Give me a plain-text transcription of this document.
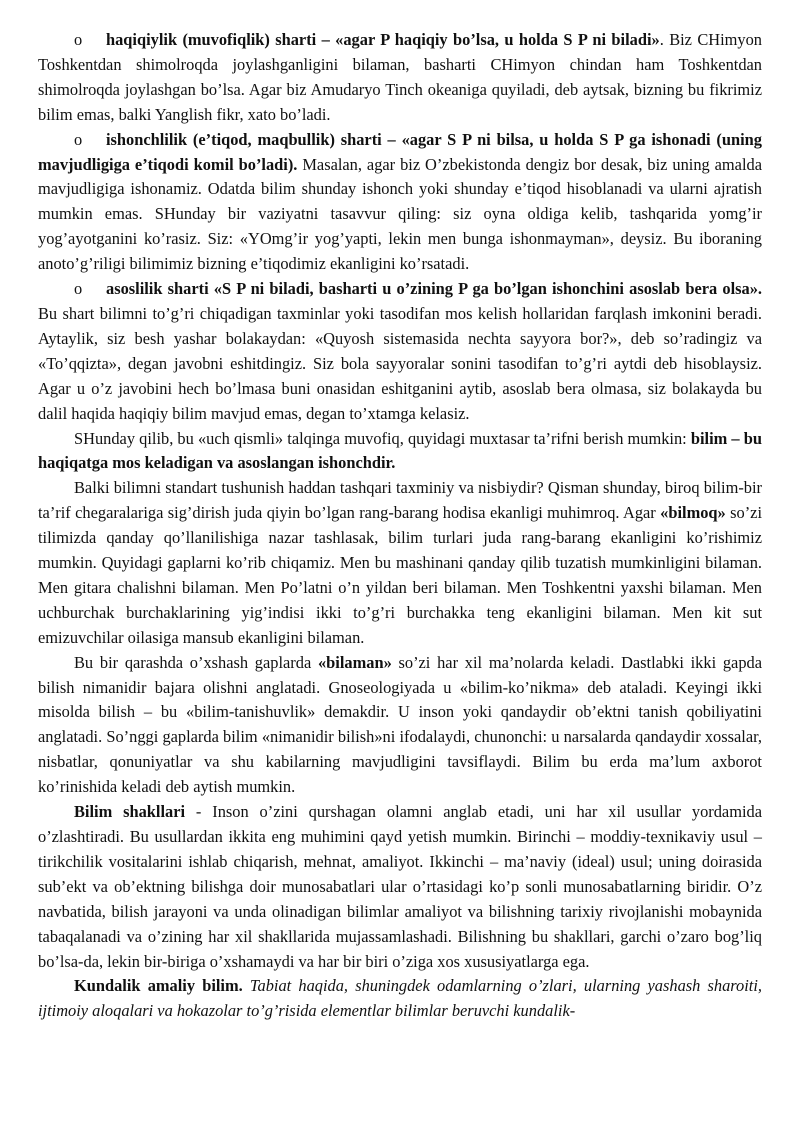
o haqiqiylik (muvofiqlik) sharti – «agar P haqiqiy bo’lsa, u holda S P ni biladi». Biz CHimyon Toshkentdan shimolroqda joylashganligini bilaman, basharti CHimyon chindan ham Toshkentdan shimolroqda joylashgan bo’lsa. Agar biz Amudaryo Tinch okeaniga quyiladi, deb aytsak, bizning bu fikrimiz bilim emas, balki Yanglish fikr, xato bo’ladi.

o ishonchlilik (e’tiqod, maqbullik) sharti – «agar S P ni bilsa, u holda S P ga ishonadi (uning mavjudligiga e’tiqodi komil bo’ladi). Masalan, agar biz O’zbekistonda dengiz bor desak, biz uning amalda mavjudligiga ishonamiz. Odatda bilim shunday ishonch yoki shunday e’tiqod hisoblanadi va ularni ajratish mumkin emas. SHunday bir vaziyatni tasavvur qiling: siz oyna oldiga kelib, tashqarida yomg’ir yog’ayotganini ko’rasiz. Siz: «YOmg’ir yog’yapti, lekin men bunga ishonmayman», deysiz. Bu iboraning anoto’g’riligi bilimimiz bizning e’tiqodimiz ekanligini ko’rsatadi.

o asoslilik sharti «S P ni biladi, basharti u o’zining P ga bo’lgan ishonchini asoslab bera olsa». Bu shart bilimni to’g’ri chiqadigan taxminlar yoki tasodifan mos kelish hollaridan farqlash imkonini beradi. Aytaylik, siz besh yashar bolakaydan: «Quyosh sistemasida nechta sayyora bor?», deb so’radingiz va «To’qqizta», degan javobni eshitdingiz. Siz bola sayyoralar sonini tasodifan to’g’ri aytdi deb hisoblaysiz. Agar u o’z javobini hech bo’lmasa buni onasidan eshitganini aytib, asoslab bera olmasa, siz bolakayda bu dalil haqida haqiqiy bilim mavjud emas, degan to’xtamga kelasiz.

SHunday qilib, bu «uch qismli» talqinga muvofiq, quyidagi muxtasar ta’rifni berish mumkin: bilim – bu haqiqatga mos keladigan va asoslangan ishonchdir.

Balki bilimni standart tushunish haddan tashqari taxminiy va nisbiydir? Qisman shunday, biroq bilim-bir ta’rif chegaralariga sig’dirish juda qiyin bo’lgan rang-barang hodisa ekanligi muhimroq. Agar «bilmoq» so’zi tilimizda qanday qo’llanilishiga nazar tashlasak, bilim turlari juda rang-barang ekanligini ko’rishimiz mumkin. Quyidagi gaplarni ko’rib chiqamiz. Men bu mashinani qanday qilib tuzatish mumkinligini bilaman. Men gitara chalishni bilaman. Men Po’latni o’n yildan beri bilaman. Men Toshkentni yaxshi bilaman. Men uchburchak burchaklarining yig’indisi ikki to’g’ri burchakka teng ekanligini bilaman. Men kit sut emizuvchilar oilasiga mansub ekanligini bilaman.

Bu bir qarashda o’xshash gaplarda «bilaman» so’zi har xil ma’nolarda keladi. Dastlabki ikki gapda bilish nimanidir bajara olishni anglatadi. Gnoseologiyada u «bilim-ko’nikma» deb ataladi. Keyingi ikki misolda bilish – bu «bilim-tanishuvlik» demakdir. U inson yoki qandaydir ob’ektni tanish qobiliyatini anglatadi. So’nggi gaplarda bilim «nimanidir bilish»ni ifodalaydi, chunonchi: u narsalarda qandaydir xossalar, nisbatlar, qonuniyatlar va shu kabilarning mavjudligini tavsiflaydi. Bilim bu erda ma’lum axborot ko’rinishida keladi deb aytish mumkin.

Bilim shakllari - Inson o’zini qurshagan olamni anglab etadi, uni har xil usullar yordamida o’zlashtiradi. Bu usullardan ikkita eng muhimini qayd yetish mumkin. Birinchi – moddiy-texnikaviy usul – tirikchilik vositalarini ishlab chiqarish, mehnat, amaliyot. Ikkinchi – ma’naviy (ideal) usul; uning doirasida sub’ekt va ob’ektning bilishga doir munosabatlari ular o’rtasidagi ko’p sonli munosabatlarning biridir. O’z navbatida, bilish jarayoni va unda olinadigan bilimlar amaliyot va bilishning tarixiy rivojlanishi mobaynida tabaqalanadi va o’zining har xil shakllarida mujassamlashadi. Bilishning bu shakllari, garchi o’zaro bog’liq bo’lsa-da, lekin bir-biriga o’xshamaydi va har bir biri o’ziga xos xususiyatlarga ega.

Kundalik amaliy bilim. Tabiat haqida, shuningdek odamlarning o’zlari, ularning yashash sharoiti, ijtimoiy aloqalari va hokazolar to’g’risida elementlar bilimlar beruvchi kundalik-
